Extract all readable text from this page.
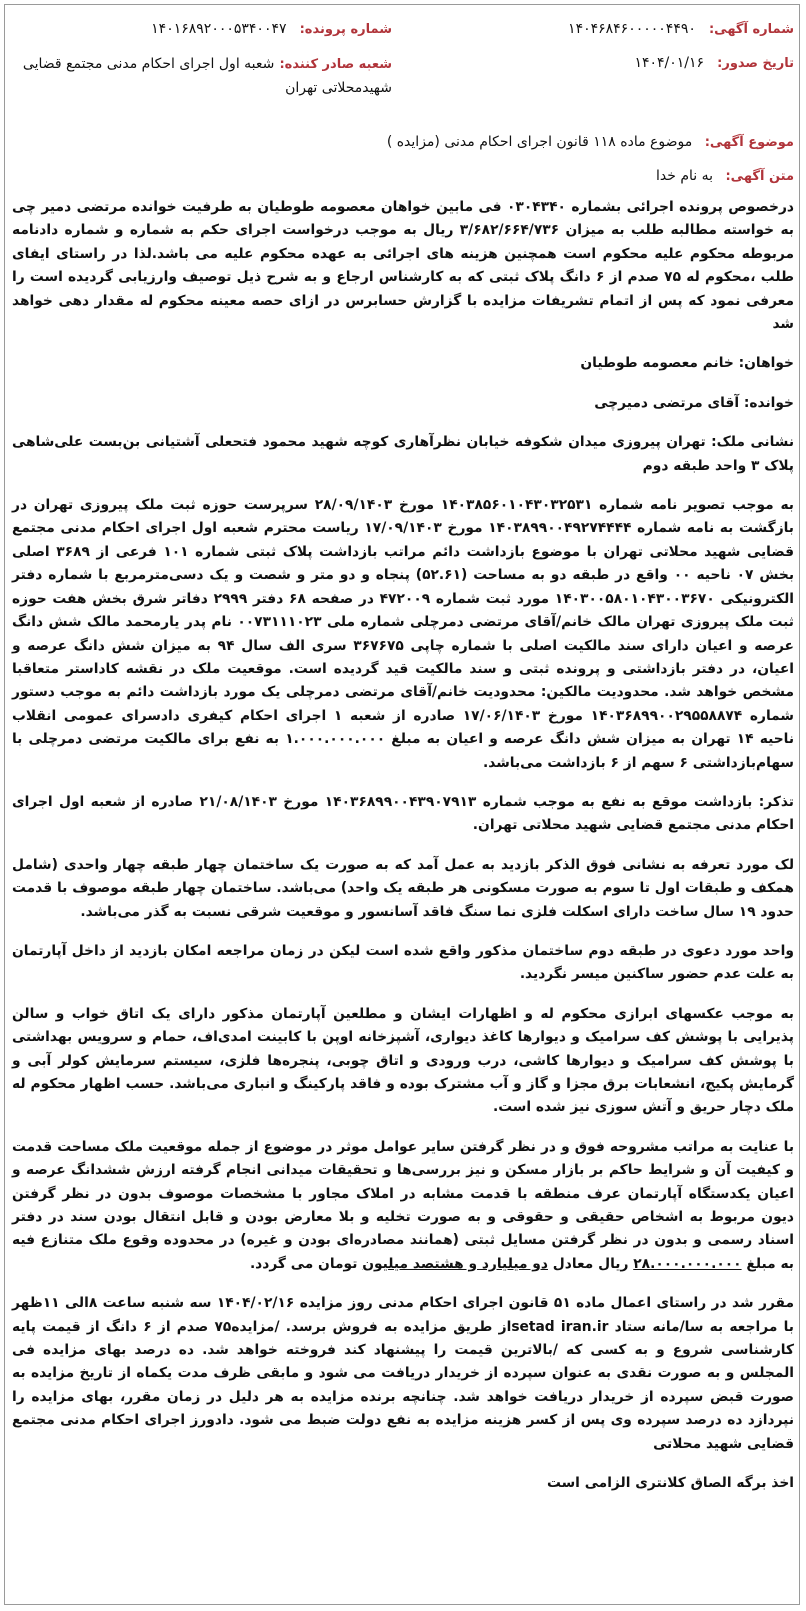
شماره آگهی: ۱۴۰۴۶۸۴۶۰۰۰۰۰۴۴۹۰
شماره پرونده: ۱۴۰۱۶۸۹۲۰۰۰۵۳۴۰۰۴۷
تاریخ صدور: ۱۴۰۴/۰۱/۱۶
شعبه صادر کننده: شعبه اول اجرای احکام مدنی مجتمع قضایی شهیدمحلاتی تهران
موضوع آگهی: موضوع ماده ۱۱۸ قانون اجرای احکام مدنی (مزایده )
متن آگهی: به نام خدا

درخصوص پرونده اجرائی بشماره ۰۳۰۴۳۴۰ فی مابین خواهان معصومه طوطیان به طرفیت خوانده مرتضی دمیر چی به خواسته مطالبه طلب به میزان ۳/۶۸۲/۶۶۴/۷۳۶ ریال به موجب درخواست اجرای حکم به شماره و شماره دادنامه مربوطه محکوم علیه محکوم است همچنین هزینه های اجرائی به عهده محکوم علیه می باشد.لذا در راستای ایفای طلب ،محکوم له ۷۵ صدم از ۶ دانگ پلاک ثبتی که به کارشناس ارجاع و به شرح ذیل توصیف وارزیابی گردیده است را معرفی نمود که پس از اتمام تشریفات مزایده با گزارش حسابرس در ازای حصه معینه محکوم له مقدار دهی خواهد شد

خواهان: خانم معصومه طوطیان

خوانده: آقای مرتضی دمیرچی

نشانی ملک: تهران پیروزی میدان شکوفه خیابان نظرآهاری کوچه شهید محمود فتحعلی آشتیانی بن‌بست علی‌شاهی پلاک ۳ واحد طبقه دوم

به موجب تصویر نامه شماره ۱۴۰۳۸۵۶۰۱۰۴۳۰۳۲۵۳۱ مورخ ۲۸/۰۹/۱۴۰۳ سرپرست حوزه ثبت ملک پیروزی تهران در بازگشت به نامه شماره ۱۴۰۳۸۹۹۰۰۴۹۲۷۴۴۴۴ مورخ ۱۷/۰۹/۱۴۰۳ ریاست محترم شعبه اول اجرای احکام مدنی مجتمع قضایی شهید محلاتی تهران با موضوع بازداشت دائم مراتب بازداشت پلاک ثبتی شماره ۱۰۱ فرعی از ۳۶۸۹ اصلی بخش ۰۷ ناحیه ۰۰ واقع در طبقه دو به مساحت (۵۲.۶۱) پنجاه و دو متر و شصت و یک دسی‌مترمربع با شماره دفتر الکترونیکی ۱۴۰۳۰۰۵۸۰۱۰۴۳۰۰۳۶۷۰ مورد ثبت شماره ۴۷۲۰۰۹ در صفحه ۶۸ دفتر ۲۹۹۹ دفاتر شرق بخش هفت حوزه ثبت ملک پیروزی تهران مالک خانم/آقای مرتضی دمرچلی شماره ملی ۰۰۷۳۱۱۱۰۲۳ نام پدر یارمحمد مالک شش دانگ عرصه و اعیان دارای سند مالکیت اصلی با شماره چاپی ۳۶۷۶۷۵ سری الف سال ۹۴ به میزان شش دانگ عرصه و اعیان، در دفتر بازداشتی و پرونده ثبتی و سند مالکیت قید گردیده است. موقعیت ملک در نقشه کاداستر متعاقبا مشخص خواهد شد. محدودیت مالکین: محدودیت خانم/آقای مرتضی دمرچلی یک مورد بازداشت دائم به موجب دستور شماره ۱۴۰۳۶۸۹۹۰۰۲۹۵۵۸۸۷۴ مورخ ۱۷/۰۶/۱۴۰۳ صادره از شعبه ۱ اجرای احکام کیفری دادسرای عمومی انقلاب ناحیه ۱۴ تهران به میزان شش دانگ عرصه و اعیان به مبلغ ۱.۰۰۰.۰۰۰.۰۰۰ به نفع برای مالکیت مرتضی دمرچلی با سهام‌بازداشتی ۶ سهم از ۶ بازداشت می‌باشد.

تذکر: بازداشت موقع به نفع به موجب شماره ۱۴۰۳۶۸۹۹۰۰۴۳۹۰۷۹۱۳ مورخ ۲۱/۰۸/۱۴۰۳ صادره از شعبه اول اجرای احکام مدنی مجتمع قضایی شهید محلاتی تهران.

لک مورد تعرفه به نشانی فوق الذکر بازدید به عمل آمد که به صورت یک ساختمان چهار طبقه چهار واحدی (شامل همکف و طبقات اول تا سوم به صورت مسکونی هر طبقه یک واحد) می‌باشد. ساختمان چهار طبقه موصوف با قدمت حدود ۱۹ سال ساخت دارای اسکلت فلزی نما سنگ فاقد آسانسور و موقعیت شرقی نسبت به گذر می‌باشد.

واحد مورد دعوی در طبقه دوم ساختمان مذکور واقع شده است لیکن در زمان مراجعه امکان بازدید از داخل آپارتمان به علت عدم حضور ساکنین میسر نگردید.

به موجب عکسهای ابرازی محکوم له و اظهارات ایشان و مطلعین آپارتمان مذکور دارای یک اتاق خواب و سالن پذیرایی با پوشش کف سرامیک و دیوارها کاغذ دیواری، آشپزخانه اوپن با کابینت امدی‌اف، حمام و سرویس بهداشتی با پوشش کف سرامیک و دیوارها کاشی، درب ورودی و اتاق چوبی، پنجره‌ها فلزی، سیستم سرمایش کولر آبی و گرمایش پکیج، انشعابات برق مجزا و گاز و آب مشترک بوده و فاقد پارکینگ و انباری می‌باشد. حسب اظهار محکوم له ملک دچار حریق و آتش سوزی نیز شده است.

با عنایت به مراتب مشروحه فوق و در نظر گرفتن سایر عوامل موثر در موضوع از جمله موقعیت ملک مساحت قدمت و کیفیت آن و شرایط حاکم بر بازار مسکن و نیز بررسی‌ها و تحقیقات میدانی انجام گرفته ارزش ششدانگ عرصه و اعیان یکدستگاه آپارتمان عرف منطقه با قدمت مشابه در املاک مجاور با مشخصات موصوف بدون در نظر گرفتن دیون مربوط به اشخاص حقیقی و حقوقی و به صورت تخلیه و بلا معارض بودن و قابل انتقال بودن سند در دفتر اسناد رسمی و بدون در نظر گرفتن مسایل ثبتی (همانند مصادره‌ای بودن و غیره) در محدوده وقوع ملک متنازع فیه به مبلغ ۲۸.۰۰۰.۰۰۰.۰۰۰ ریال معادل دو میلیارد و هشتصد میلیون تومان می گردد.

مقرر شد در راستای اعمال ماده ۵۱ قانون اجرای احکام مدنی روز مزایده ۱۴۰۴/۰۲/۱۶ سه شنبه ساعت ۸الی ۱۱ظهر با مراجعه به سا/مانه ستاد setad iran.irاز طریق مزایده به فروش برسد. /مزایده۷۵ صدم از ۶ دانگ از قیمت پایه کارشناسی شروع و به کسی که /بالاترین قیمت را پیشنهاد کند فروخته خواهد شد. ده درصد بهای مزایده فی المجلس و به صورت نقدی به عنوان سپرده از خریدار دریافت می شود و مابقی ظرف مدت یکماه از تاریخ مزایده به صورت قبض سپرده از خریدار دریافت خواهد شد. چنانچه برنده مزایده به هر دلیل در زمان مقرر، بهای مزایده را نپردازد ده درصد سپرده وی پس از کسر هزینه مزایده به نفع دولت ضبط می شود. دادورز اجرای احکام مدنی مجتمع قضایی شهید محلاتی

اخذ برگه الصاق کلانتری الزامی است
